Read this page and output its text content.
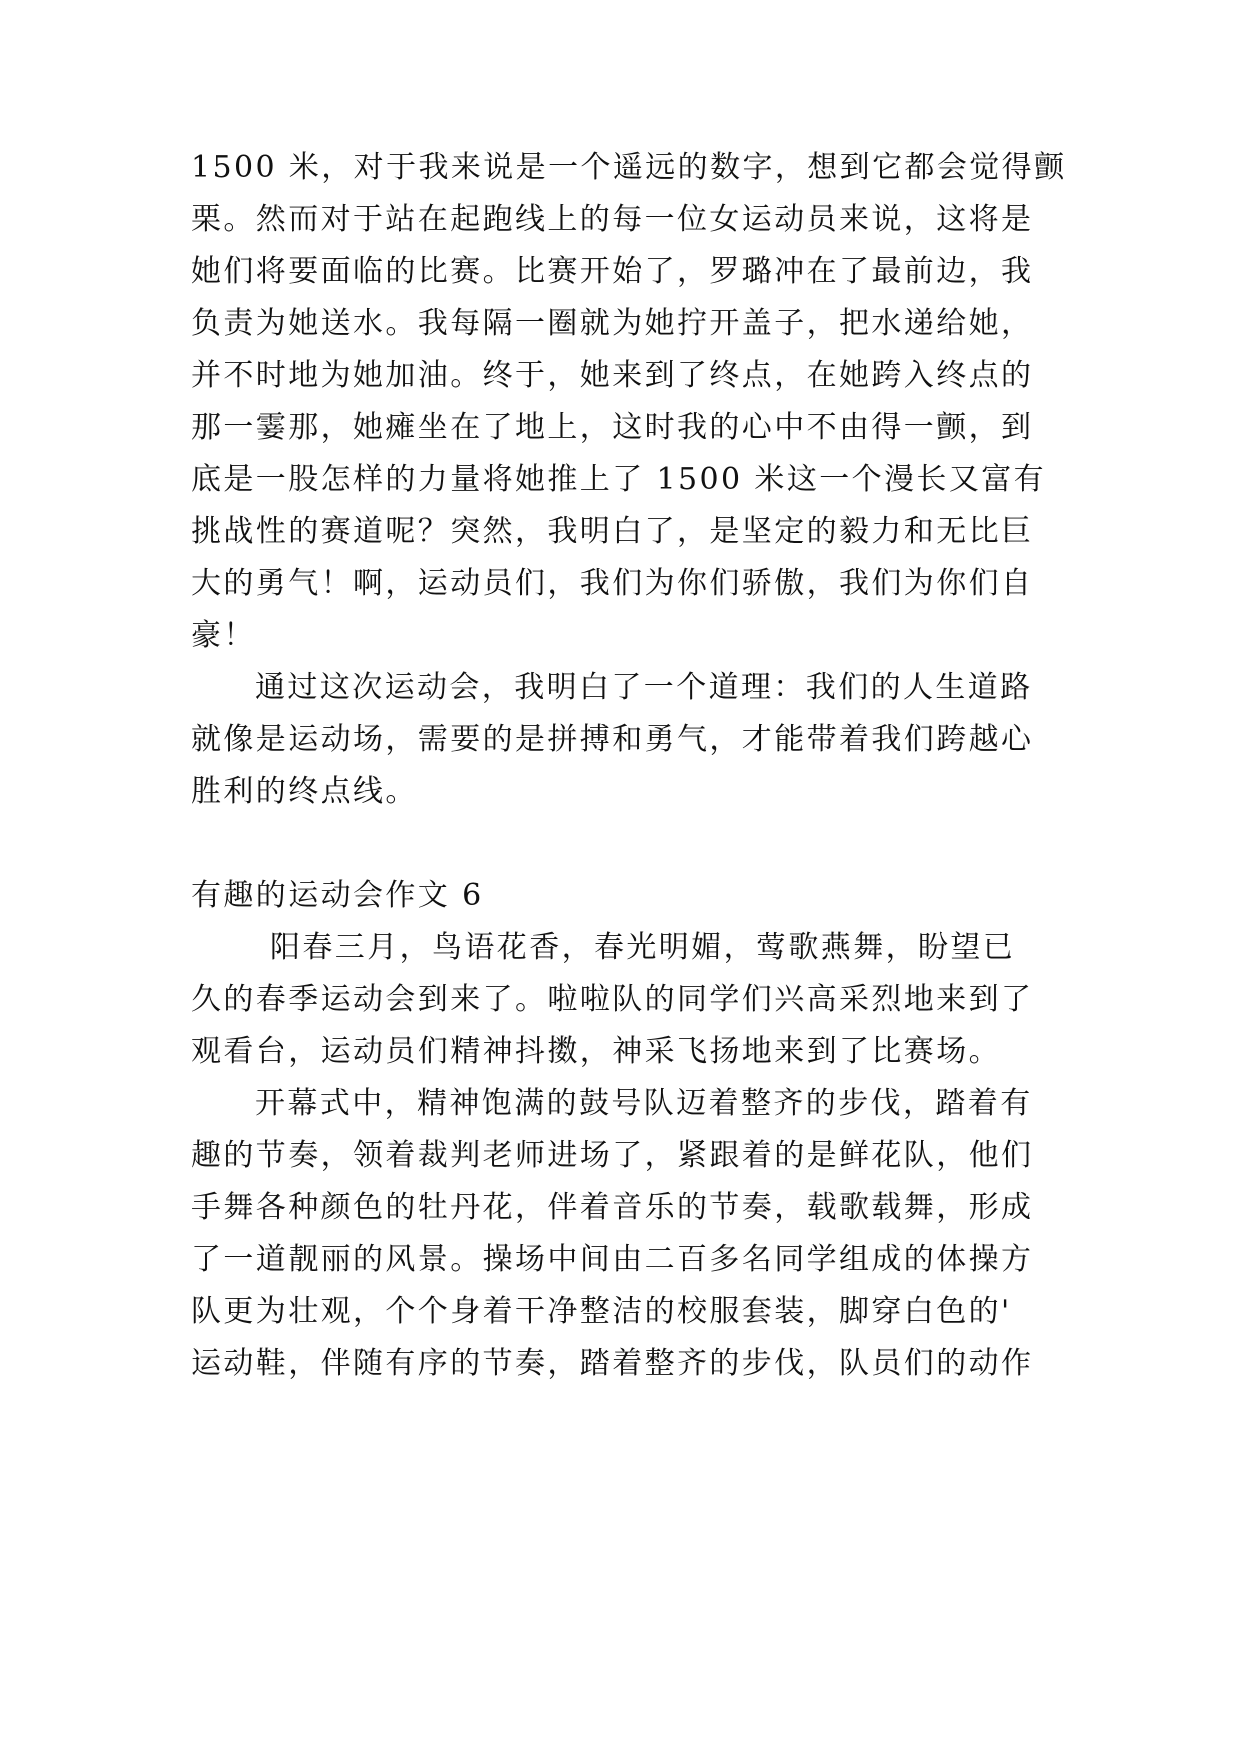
1500 米，对于我来说是一个遥远的数字，想到它都会觉得颤
栗。然而对于站在起跑线上的每一位女运动员来说，这将是
她们将要面临的比赛。比赛开始了，罗璐冲在了最前边，我
负责为她送水。我每隔一圈就为她拧开盖子，把水递给她，
并不时地为她加油。终于，她来到了终点，在她跨入终点的
那一霎那，她瘫坐在了地上，这时我的心中不由得一颤，到
底是一股怎样的力量将她推上了 1500 米这一个漫长又富有
挑战性的赛道呢？突然，我明白了，是坚定的毅力和无比巨
大的勇气！啊，运动员们，我们为你们骄傲，我们为你们自
豪！
通过这次运动会，我明白了一个道理：我们的人生道路
就像是运动场，需要的是拼搏和勇气，才能带着我们跨越心
胜利的终点线。
有趣的运动会作文 6
阳春三月，鸟语花香，春光明媚，莺歌燕舞，盼望已
久的春季运动会到来了。啦啦队的同学们兴高采烈地来到了
观看台，运动员们精神抖擞，神采飞扬地来到了比赛场。
开幕式中，精神饱满的鼓号队迈着整齐的步伐，踏着有
趣的节奏，领着裁判老师进场了，紧跟着的是鲜花队，他们
手舞各种颜色的牡丹花，伴着音乐的节奏，载歌载舞，形成
了一道靓丽的风景。操场中间由二百多名同学组成的体操方
队更为壮观，个个身着干净整洁的校服套装，脚穿白色的'
运动鞋，伴随有序的节奏，踏着整齐的步伐，队员们的动作
